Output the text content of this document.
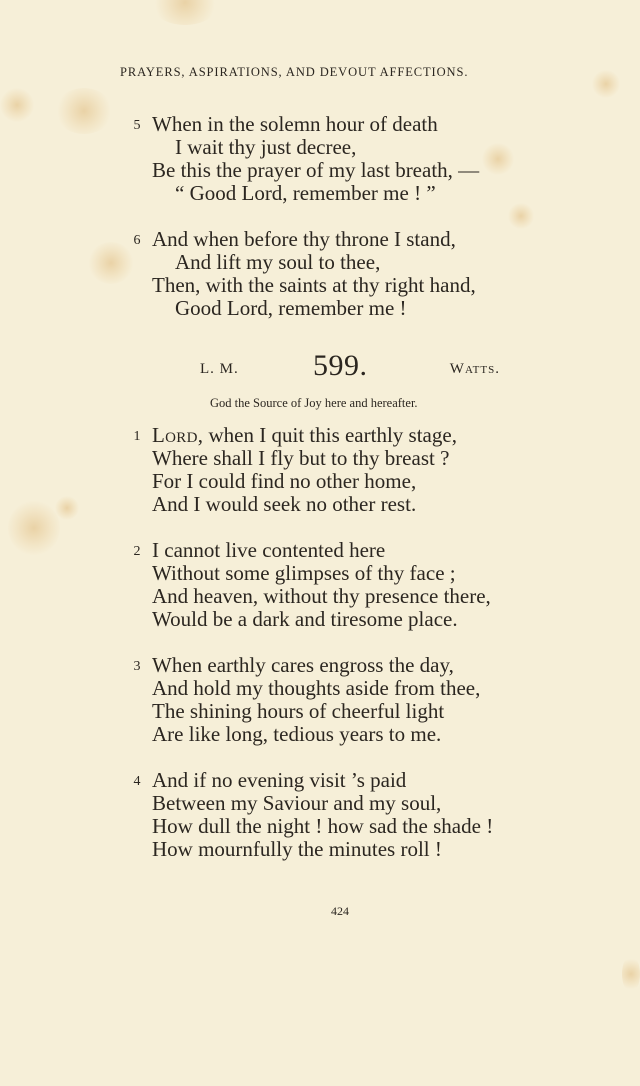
PRAYERS, ASPIRATIONS, AND DEVOUT AFFECTIONS.
5 When in the solemn hour of death
I wait thy just decree,
Be this the prayer of my last breath, —
“ Good Lord, remember me ! ”
6 And when before thy throne I stand,
And lift my soul to thee,
Then, with the saints at thy right hand,
Good Lord, remember me !
L. M. 599.	Watts.
God the Source of Joy here and hereafter.
1 Lord, when I quit this earthly stage,
Where shall I fly but to thy breast ?
For I could find no other home,
And I would seek no other rest.
2 I cannot live contented here
Without some glimpses of thy face ;
And heaven, without thy presence there,
Would be a dark and tiresome place.
3 When earthly cares engross the day,
And hold my thoughts aside from thee,
The shining hours of cheerful light
Are like long, tedious years to me.
4 And if no evening visit ’s paid
Between my Saviour and my soul,
How dull the night ! how sad the shade !
How mournfully the minutes roll !
424
